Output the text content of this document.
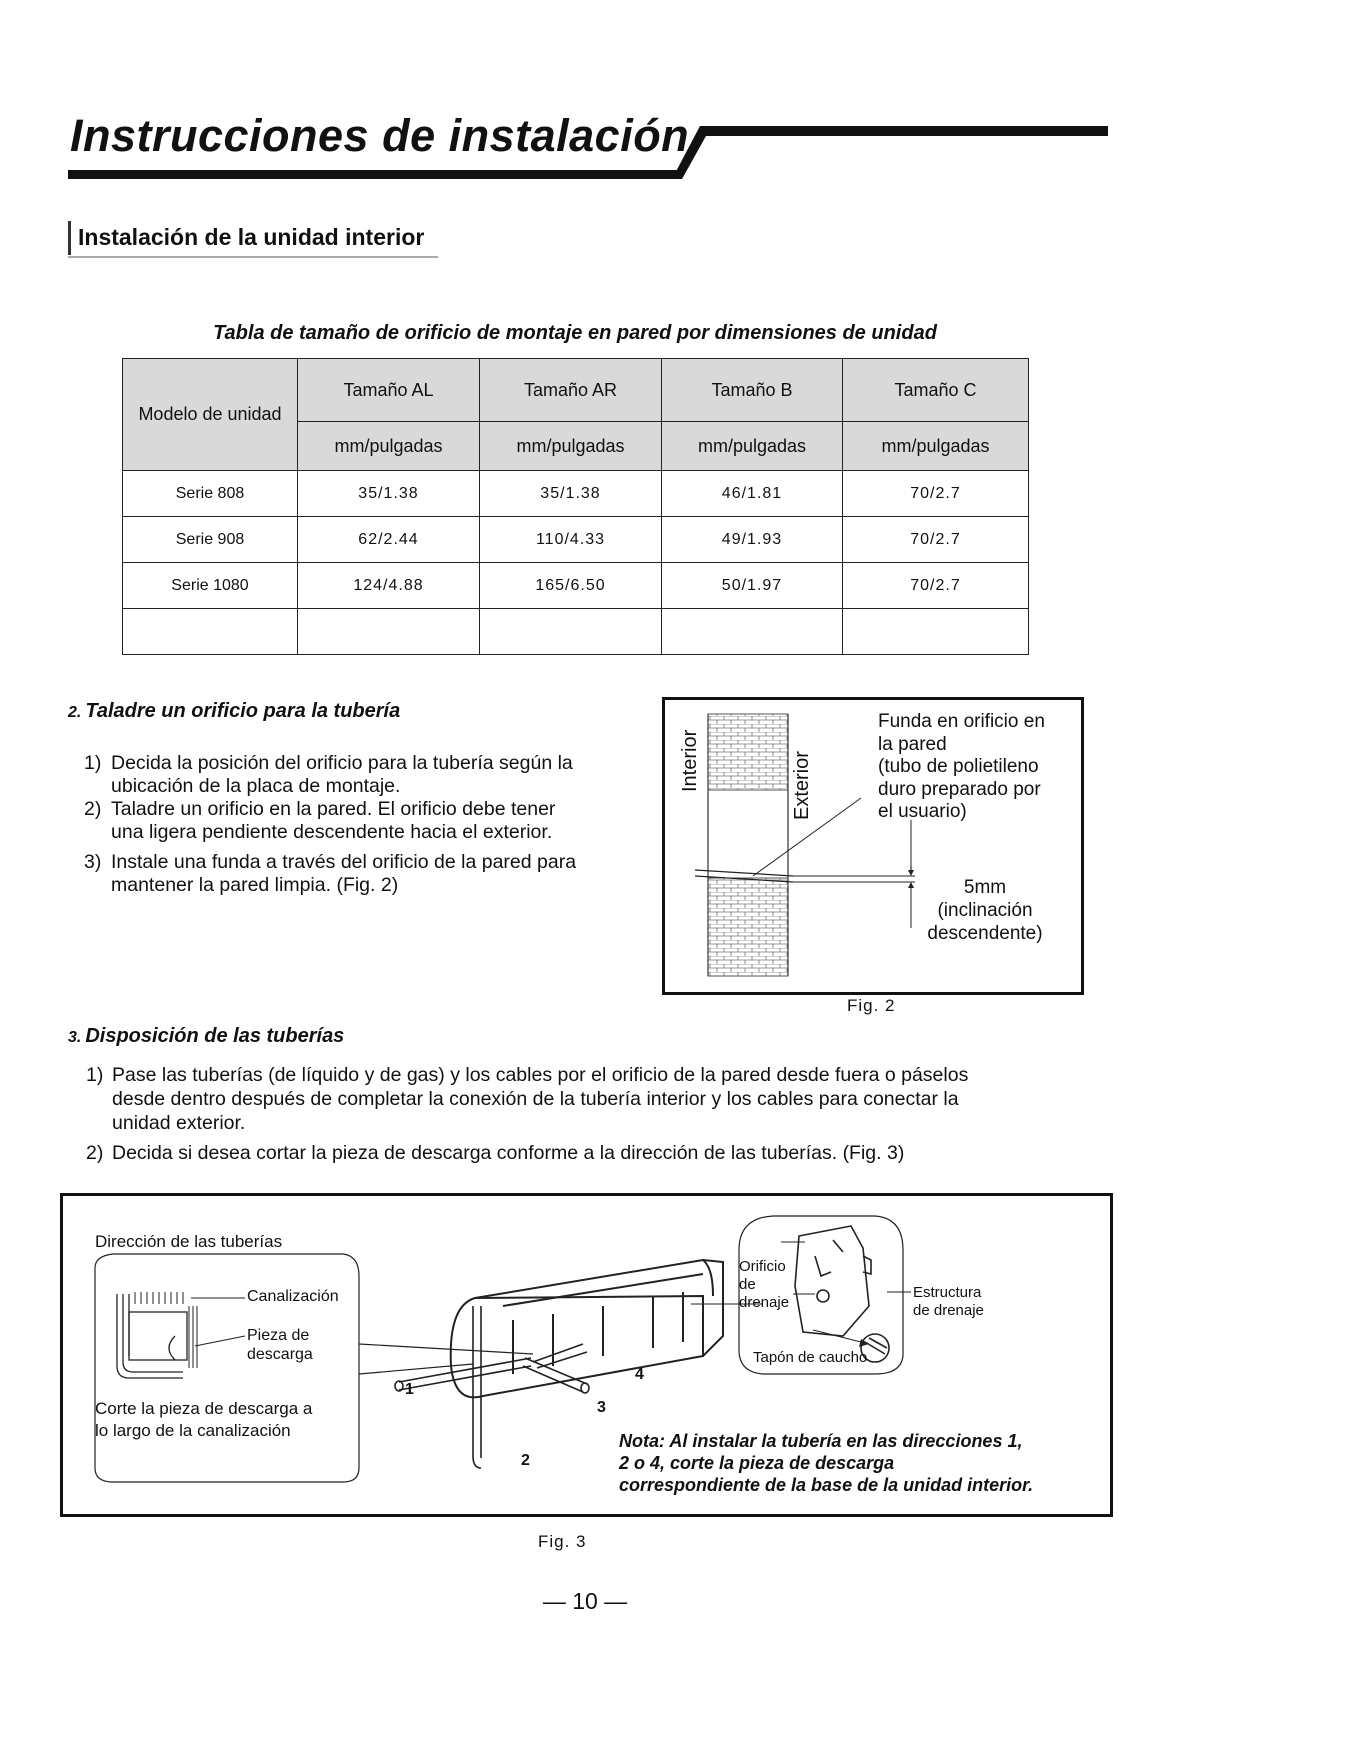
Instrucciones de instalación
Instalación de la unidad interior
Tabla de tamaño de orificio de montaje en pared por dimensiones de unidad
Modelo de unidad	Tamaño AL	Tamaño AR	Tamaño B	Tamaño C
	mm/pulgadas	mm/pulgadas	mm/pulgadas	mm/pulgadas
Serie 808	35/1.38	35/1.38	46/1.81	70/2.7
Serie 908	62/2.44	110/4.33	49/1.93	70/2.7
Serie 1080	124/4.88	165/6.50	50/1.97	70/2.7

2. Taladre un orificio para la tubería
1) Decida la posición del orificio para la tubería según la
ubicación de la placa de montaje.
2) Taladre un orificio en la pared. El orificio debe tener
una ligera pendiente descendente hacia el exterior.
3) Instale una funda a través del orificio de la pared para
mantener la pared limpia. (Fig. 2)
Interior	Exterior
Funda en orificio en
la pared
(tubo de polietileno
duro preparado por
el usuario)
5mm
(inclinación
descendente)
Fig. 2
3. Disposición de las tuberías
1) Pase las tuberías (de líquido y de gas) y los cables por el orificio de la pared desde fuera o páselos
desde dentro después de completar la conexión de la tubería interior y los cables para conectar la
unidad exterior.
2) Decida si desea cortar la pieza de descarga conforme a la dirección de las tuberías. (Fig. 3)
Dirección de las tuberías
Canalización
Pieza de
descarga
Corte la pieza de descarga a
lo largo de la canalización
Orificio
de
drenaje
Estructura
de drenaje
Tapón de caucho
1
2
3
4
Nota: Al instalar la tubería en las direcciones 1,
2 o 4, corte la pieza de descarga
correspondiente de la base de la unidad interior.
Fig. 3
— 10 —
